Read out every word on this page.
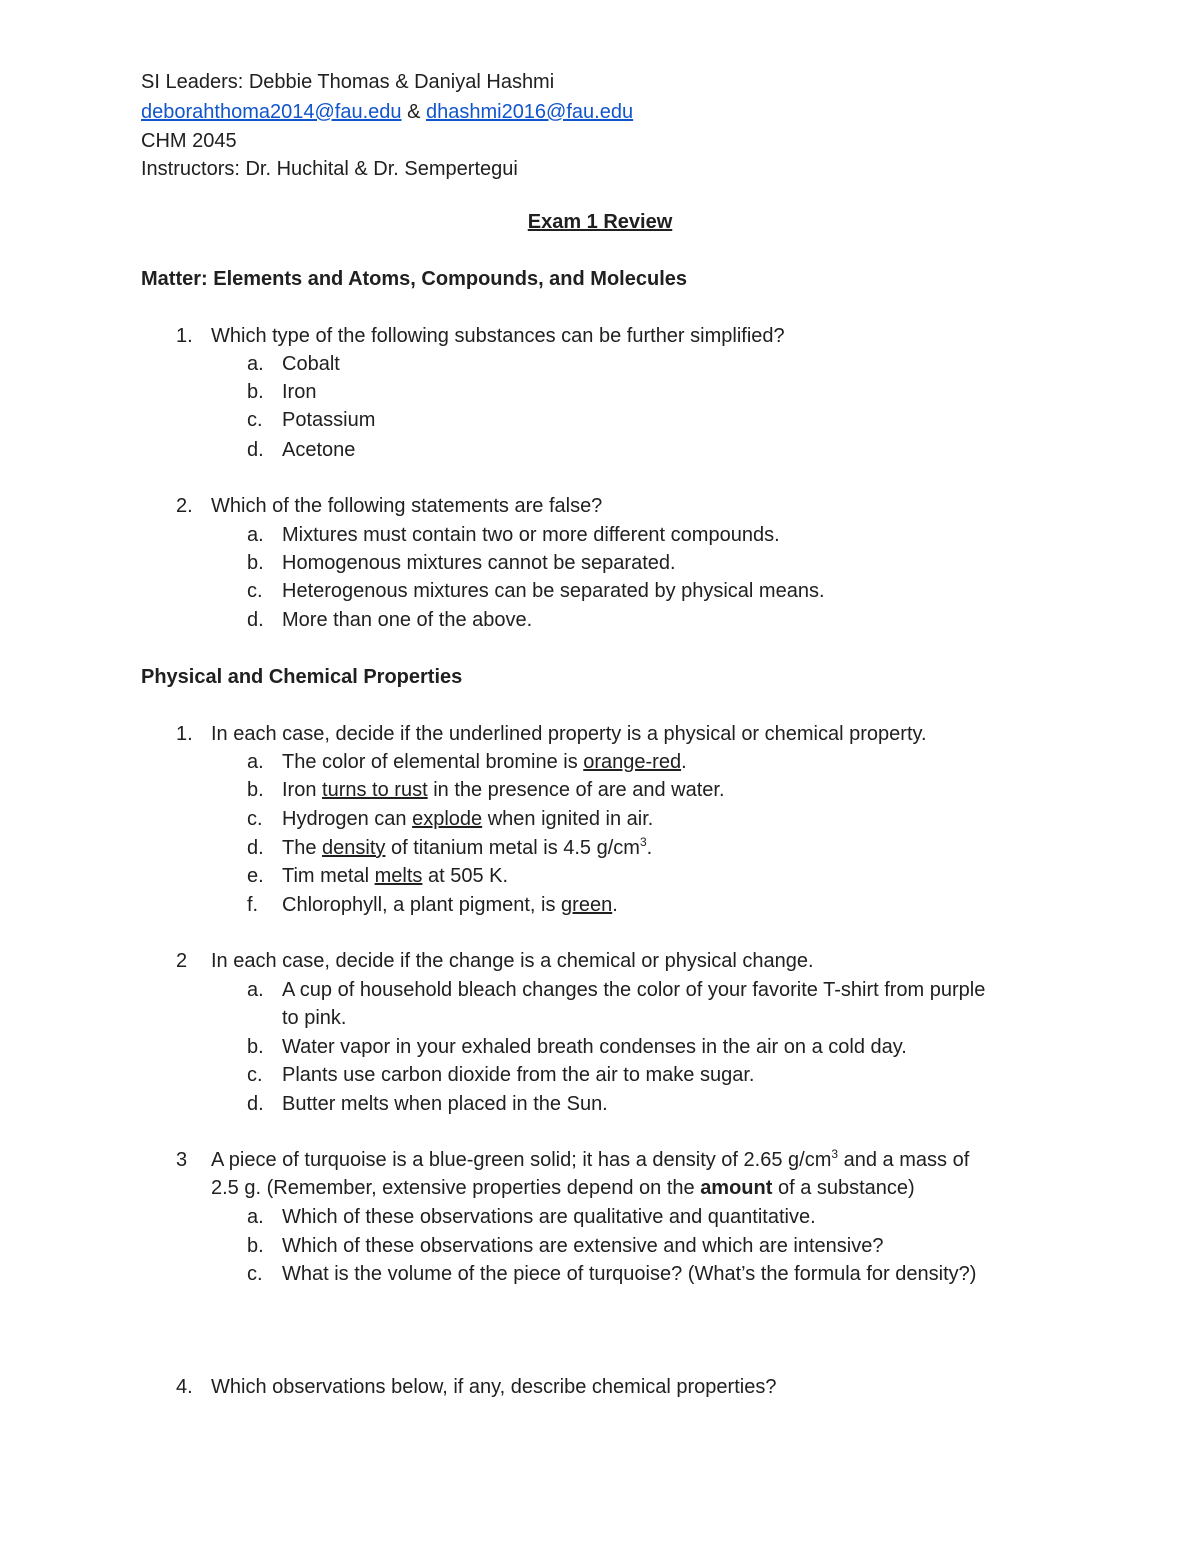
SI Leaders: Debbie Thomas & Daniyal Hashmi
deborahthoma2014@fau.edu & dhashmi2016@fau.edu
CHM 2045
Instructors: Dr. Huchital & Dr. Sempertegui
Exam 1 Review
Matter: Elements and Atoms, Compounds, and Molecules
1. Which type of the following substances can be further simplified?
a. Cobalt
b. Iron
c. Potassium
d. Acetone
2. Which of the following statements are false?
a. Mixtures must contain two or more different compounds.
b. Homogenous mixtures cannot be separated.
c. Heterogenous mixtures can be separated by physical means.
d. More than one of the above.
Physical and Chemical Properties
1. In each case, decide if the underlined property is a physical or chemical property.
a. The color of elemental bromine is orange-red.
b. Iron turns to rust in the presence of are and water.
c. Hydrogen can explode when ignited in air.
d. The density of titanium metal is 4.5 $g/cm^3$.
e. Tim metal melts at 505 K.
f. Chlorophyll, a plant pigment, is green.
2 In each case, decide if the change is a chemical or physical change.
a. A cup of household bleach changes the color of your favorite T-shirt from purple
to pink.
b. Water vapor in your exhaled breath condenses in the air on a cold day.
c. Plants use carbon dioxide from the air to make sugar.
d. Butter melts when placed in the Sun.
3 A piece of turquoise is a blue-green solid; it has a density of 2.65 $g/cm^3$ and a mass of
2.5 g. (Remember, extensive properties depend on the amount of a substance)
a. Which of these observations are qualitative and quantitative.
b. Which of these observations are extensive and which are intensive?
c. What is the volume of the piece of turquoise? (What’s the formula for density?)
4. Which observations below, if any, describe chemical properties?
